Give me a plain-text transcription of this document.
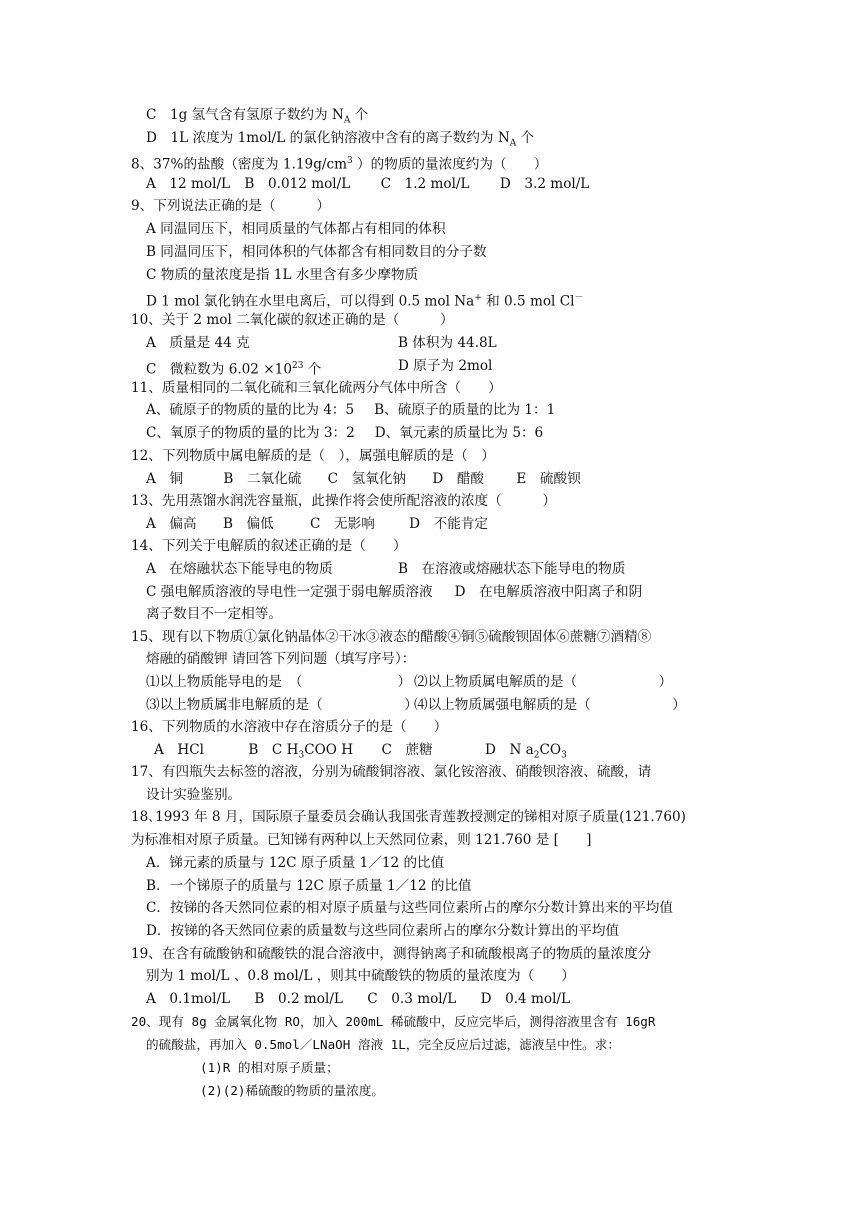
C　1g 氢气含有氢原子数约为 $N_A$ 个
D　1L 浓度为 1mol/L 的氯化钠溶液中含有的离子数约为 $N_A$ 个
8、37%的盐酸（密度为 $1.19g/cm^3$ ）的物质的量浓度约为（　　）
A　12 mol/L B　0.012 mol/L C　1.2 mol/L D　3.2 mol/L
9、下列说法正确的是（　　　）
A 同温同压下，相同质量的气体都占有相同的体积
B 同温同压下，相同体积的气体都含有相同数目的分子数
C 物质的量浓度是指 1L 水里含有多少摩物质
D 1 mol 氯化钠在水里电离后，可以得到 0.5 mol Na+ 和 0.5 mol Cl－
10、关于 2 mol 二氧化碳的叙述正确的是（　　　）
A　质量是 44 克	B 体积为 44.8L
C　微粒数为 $6.02 \times 10^{23}$ 个	D 原子为 2mol
11、质量相同的二氧化硫和三氧化硫两分气体中所含（　　）
A、硫原子的物质的量的比为 4：5 B、硫原子的质量的比为 1：1
C、氧原子的物质的量的比为 3：2 D、氧元素的质量比为 5：6
12、下列物质中属电解质的是（　），属强电解质的是（　）
A　铜	B　二氧化硫 C　氢氧化钠 D　醋酸 E　硫酸钡
13、先用蒸馏水润洗容量瓶，此操作将会使所配溶液的浓度（　　　）
A　偏高 B　偏低	C　无影响	D　不能肯定
14、下列关于电解质的叙述正确的是（　　）
A　在熔融状态下能导电的物质	B　在溶液或熔融状态下能导电的物质
C 强电解质溶液的导电性一定强于弱电解质溶液 D　在电解质溶液中阳离子和阴
离子数目不一定相等。
15、现有以下物质①氯化钠晶体②干冰③液态的醋酸④铜⑤硫酸钡固体⑥蔗糖⑦酒精⑧
熔融的硝酸钾 请回答下列问题（填写序号）：
⑴以上物质能导电的是　（　　　　　　　） ⑵以上物质属电解质的是（　　　　　　）
⑶以上物质属非电解质的是（　　　　　　）
⑷以上物质属强电解质的是（　　　　　　）
16、下列物质的水溶液中存在溶质分子的是（　　）
A　HCl	B　C $H_3COO$ H C　蔗糖	D　N $a_2CO_3$
17、有四瓶失去标签的溶液，分别为硫酸铜溶液、氯化铵溶液、硝酸钡溶液、硫酸，请
设计实验鉴别。
18､1993 年 8 月，国际原子量委员会确认我国张青莲教授测定的锑相对原子质量(121.760)
为标准相对原子质量。已知锑有两种以上天然同位素，则 121.760 是 [　　]
A．锑元素的质量与 12C 原子质量 1／12 的比值
B．一个锑原子的质量与 12C 原子质量 1／12 的比值
C．按锑的各天然同位素的相对原子质量与这些同位素所占的摩尔分数计算出来的平均值
D．按锑的各天然同位素的质量数与这些同位素所占的摩尔分数计算出的平均值
19、在含有硫酸钠和硫酸铁的混合溶液中，测得钠离子和硫酸根离子的物质的量浓度分
别为 1 mol/L 、0.8 mol/L ，则其中硫酸铁的物质的量浓度为（　　）
A　0.1mol/L B　0.2 mol/L C　0.3 mol/L D　0.4 mol/L
20、现有 8g 金属氧化物 RO，加入 200mL 稀硫酸中，反应完毕后，测得溶液里含有 16gR
的硫酸盐，再加入 0.5mol／LNaOH 溶液 1L，完全反应后过滤，滤液呈中性。求：
(1)R 的相对原子质量；
(2)(2)稀硫酸的物质的量浓度。
